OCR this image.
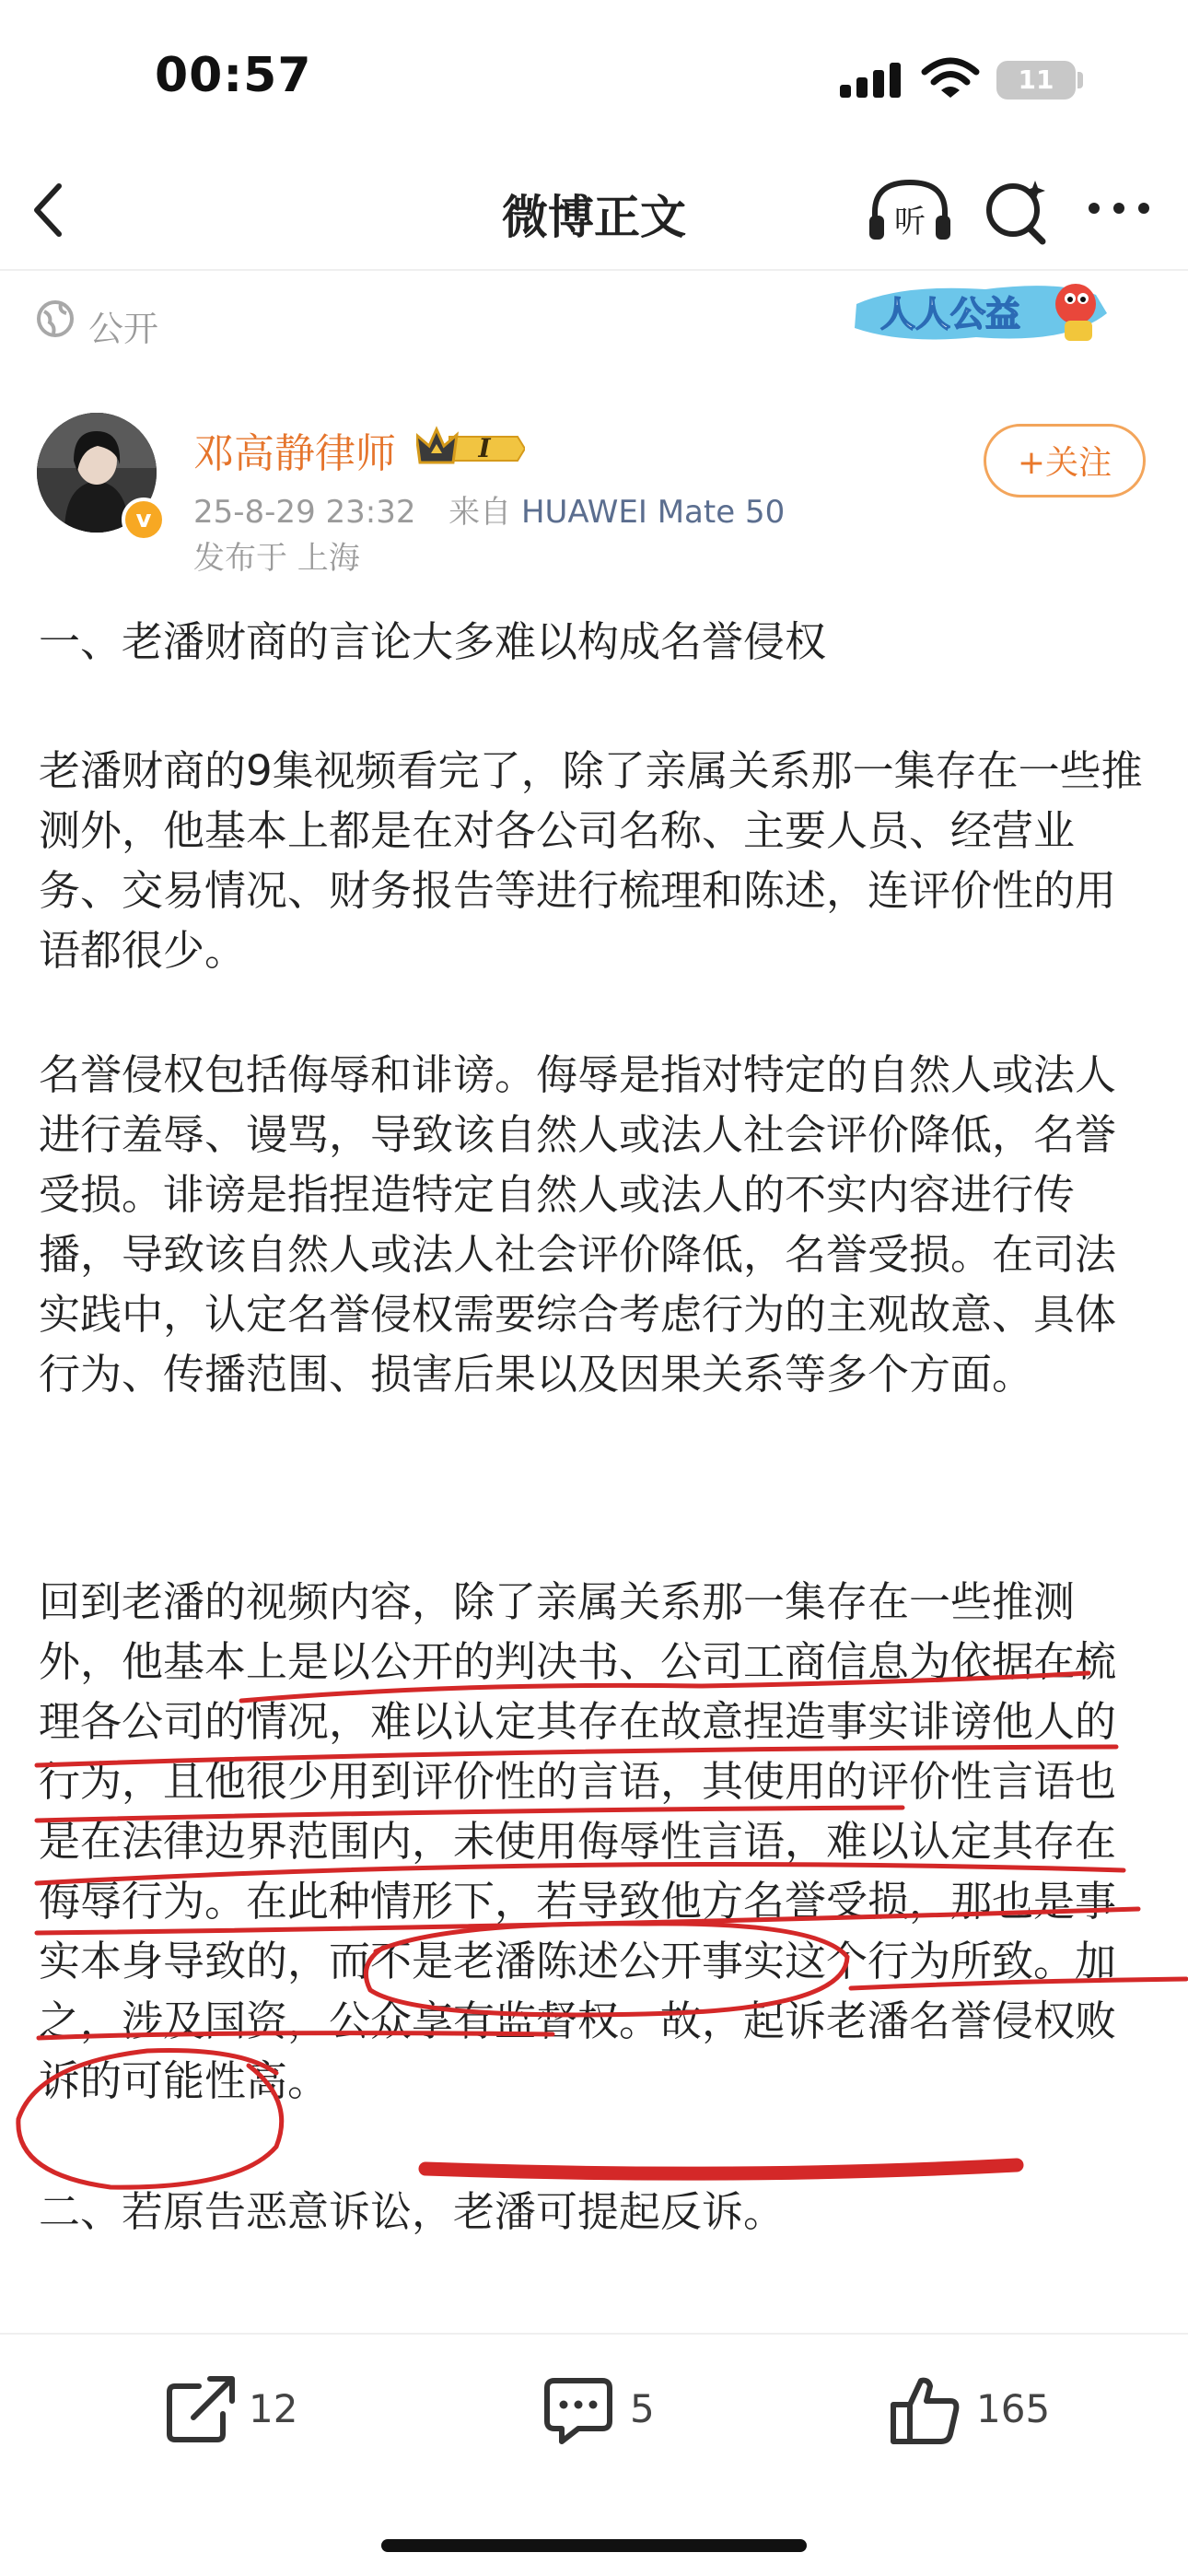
00:57	11
微博正文	听
公开	人人公益
v
邓高静律师	I
25-8-29 23:32 来自 HUAWEI Mate 50
发布于 上海
+关注

一、老潘财商的言论大多难以构成名誉侵权

老潘财商的9集视频看完了，除了亲属关系那一集存在一些推测外，他基本上都是在对各公司名称、主要人员、经营业务、交易情况、财务报告等进行梳理和陈述，连评价性的用语都很少。

名誉侵权包括侮辱和诽谤。侮辱是指对特定的自然人或法人进行羞辱、谩骂，导致该自然人或法人社会评价降低，名誉受损。诽谤是指捏造特定自然人或法人的不实内容进行传播，导致该自然人或法人社会评价降低，名誉受损。在司法实践中，认定名誉侵权需要综合考虑行为的主观故意、具体行为、传播范围、损害后果以及因果关系等多个方面。

回到老潘的视频内容，除了亲属关系那一集存在一些推测外，他基本上是以公开的判决书、公司工商信息为依据在梳理各公司的情况，难以认定其存在故意捏造事实诽谤他人的行为，且他很少用到评价性的言语，其使用的评价性言语也是在法律边界范围内，未使用侮辱性言语，难以认定其存在侮辱行为。在此种情形下，若导致他方名誉受损，那也是事实本身导致的，而不是老潘陈述公开事实这个行为所致。加之，涉及国资，公众享有监督权。故，起诉老潘名誉侵权败诉的可能性高。

二、若原告恶意诉讼，老潘可提起反诉。

12	5	165
